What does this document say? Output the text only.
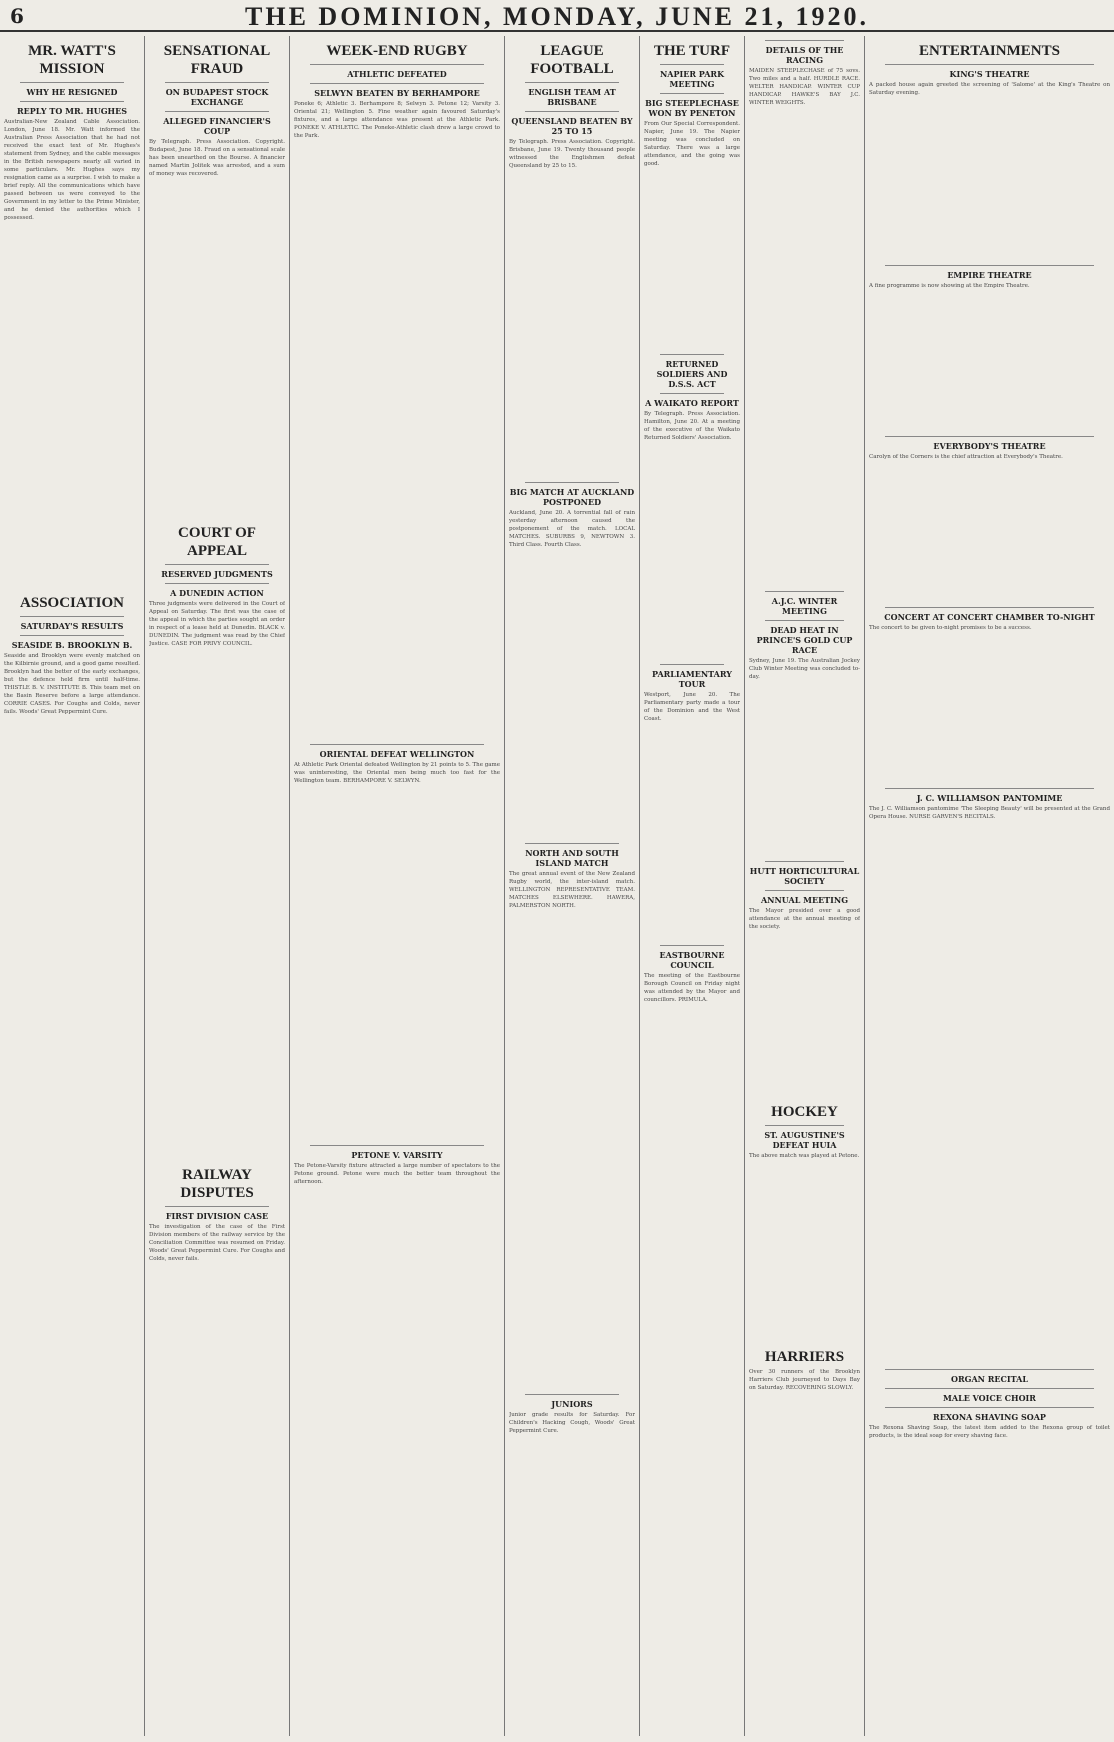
6	THE DOMINION, MONDAY, JUNE 21, 1920.
MR. WATT'S MISSION
WHY HE RESIGNED
REPLY TO MR. HUGHES
Australian-New Zealand Cable Association. London, June 18. Mr. Watt informed the Australian Press Association that he had not received the exact text of Mr. Hughes's statement from Sydney, and the cable messages in the British newspapers nearly all varied in some particulars. Mr. Hughes says my resignation came as a surprise. I wish to make a brief reply. All the communications which have passed between us were conveyed to the Government in my letter to the Prime Minister, and he denied the authorities which I possessed.
ASSOCIATION
SATURDAY'S RESULTS
SEASIDE B. BROOKLYN B.
Seaside and Brooklyn were evenly matched on the Kilbirnie ground, and a good game resulted. Brooklyn had the better of the early exchanges, but the defence held firm until half-time. THISTLE B. V. INSTITUTE B. This team met on the Basin Reserve before a large attendance. CORRIE CASES. For Coughs and Colds, never fails. Woods' Great Peppermint Cure.
SENSATIONAL FRAUD
ON BUDAPEST STOCK EXCHANGE
ALLEGED FINANCIER'S COUP
By Telegraph. Press Association. Copyright. Budapest, June 18. Fraud on a sensational scale has been unearthed on the Bourse. A financier named Martin Jolitek was arrested, and a sum of money was recovered.
COURT OF APPEAL
RESERVED JUDGMENTS
A DUNEDIN ACTION
Three judgments were delivered in the Court of Appeal on Saturday. The first was the case of the appeal in which the parties sought an order in respect of a lease held at Dunedin. BLACK v. DUNEDIN. The judgment was read by the Chief Justice. CASE FOR PRIVY COUNCIL.
RAILWAY DISPUTES
FIRST DIVISION CASE
The investigation of the case of the First Division members of the railway service by the Conciliation Committee was resumed on Friday. Woods' Great Peppermint Cure. For Coughs and Colds, never fails.
WEEK-END RUGBY
ATHLETIC DEFEATED
SELWYN BEATEN BY BERHAMPORE
Poneke 6; Athletic 3. Berhampore 8; Selwyn 3. Petone 12; Varsity 3. Oriental 21; Wellington 5. Fine weather again favoured Saturday's fixtures, and a large attendance was present at the Athletic Park. PONEKE V. ATHLETIC. The Poneke-Athletic clash drew a large crowd to the Park.
ORIENTAL DEFEAT WELLINGTON
At Athletic Park Oriental defeated Wellington by 21 points to 5. The game was uninteresting, the Oriental men being much too fast for the Wellington team. BERHAMPORE V. SELWYN.
PETONE V. VARSITY
The Petone-Varsity fixture attracted a large number of spectators to the Petone ground. Petone were much the better team throughout the afternoon.
LEAGUE FOOTBALL
ENGLISH TEAM AT BRISBANE
QUEENSLAND BEATEN BY 25 TO 15
By Telegraph. Press Association. Copyright. Brisbane, June 19. Twenty thousand people witnessed the Englishmen defeat Queensland by 25 to 15.
BIG MATCH AT AUCKLAND POSTPONED
Auckland, June 20. A torrential fall of rain yesterday afternoon caused the postponement of the match. LOCAL MATCHES. SUBURBS 9, NEWTOWN 3. Third Class. Fourth Class.
NORTH AND SOUTH ISLAND MATCH
The great annual event of the New Zealand Rugby world, the inter-island match. WELLINGTON REPRESENTATIVE TEAM. MATCHES ELSEWHERE. HAWERA, PALMERSTON NORTH.
JUNIORS
Junior grade results for Saturday. For Children's Hacking Cough, Woods' Great Peppermint Cure.
THE TURF
NAPIER PARK MEETING
BIG STEEPLECHASE WON BY PENETON
From Our Special Correspondent. Napier, June 19. The Napier meeting was concluded on Saturday. There was a large attendance, and the going was good.
RETURNED SOLDIERS AND D.S.S. ACT
A WAIKATO REPORT
By Telegraph. Press Association. Hamilton, June 20. At a meeting of the executive of the Waikato Returned Soldiers' Association.
PARLIAMENTARY TOUR
Westport, June 20. The Parliamentary party made a tour of the Dominion and the West Coast.
EASTBOURNE COUNCIL
The meeting of the Eastbourne Borough Council on Friday night was attended by the Mayor and councillors. PRIMULA.
DETAILS OF THE RACING
MAIDEN STEEPLECHASE of 75 sovs. Two miles and a half. HURDLE RACE. WELTER HANDICAP. WINTER CUP HANDICAP. HAWKE'S BAY J.C. WINTER WEIGHTS.
A.J.C. WINTER MEETING
DEAD HEAT IN PRINCE'S GOLD CUP RACE
Sydney, June 19. The Australian Jockey Club Winter Meeting was concluded to-day.
HUTT HORTICULTURAL SOCIETY
ANNUAL MEETING
The Mayor presided over a good attendance at the annual meeting of the society.
HOCKEY
ST. AUGUSTINE'S DEFEAT HUIA
The above match was played at Petone.
HARRIERS
Over 30 runners of the Brooklyn Harriers Club journeyed to Days Bay on Saturday. RECOVERING SLOWLY.
ENTERTAINMENTS
KING'S THEATRE
A packed house again greeted the screening of 'Salome' at the King's Theatre on Saturday evening.
EMPIRE THEATRE
A fine programme is now showing at the Empire Theatre.
EVERYBODY'S THEATRE
Carolyn of the Corners is the chief attraction at Everybody's Theatre.
CONCERT AT CONCERT CHAMBER TO-NIGHT
The concert to be given to-night promises to be a success.
J. C. WILLIAMSON PANTOMIME
The J. C. Williamson pantomime 'The Sleeping Beauty' will be presented at the Grand Opera House. NURSE GARVEN'S RECITALS.
ORGAN RECITAL
MALE VOICE CHOIR
REXONA SHAVING SOAP
The Rexona Shaving Soap, the latest item added to the Rexona group of toilet products, is the ideal soap for every shaving face.
